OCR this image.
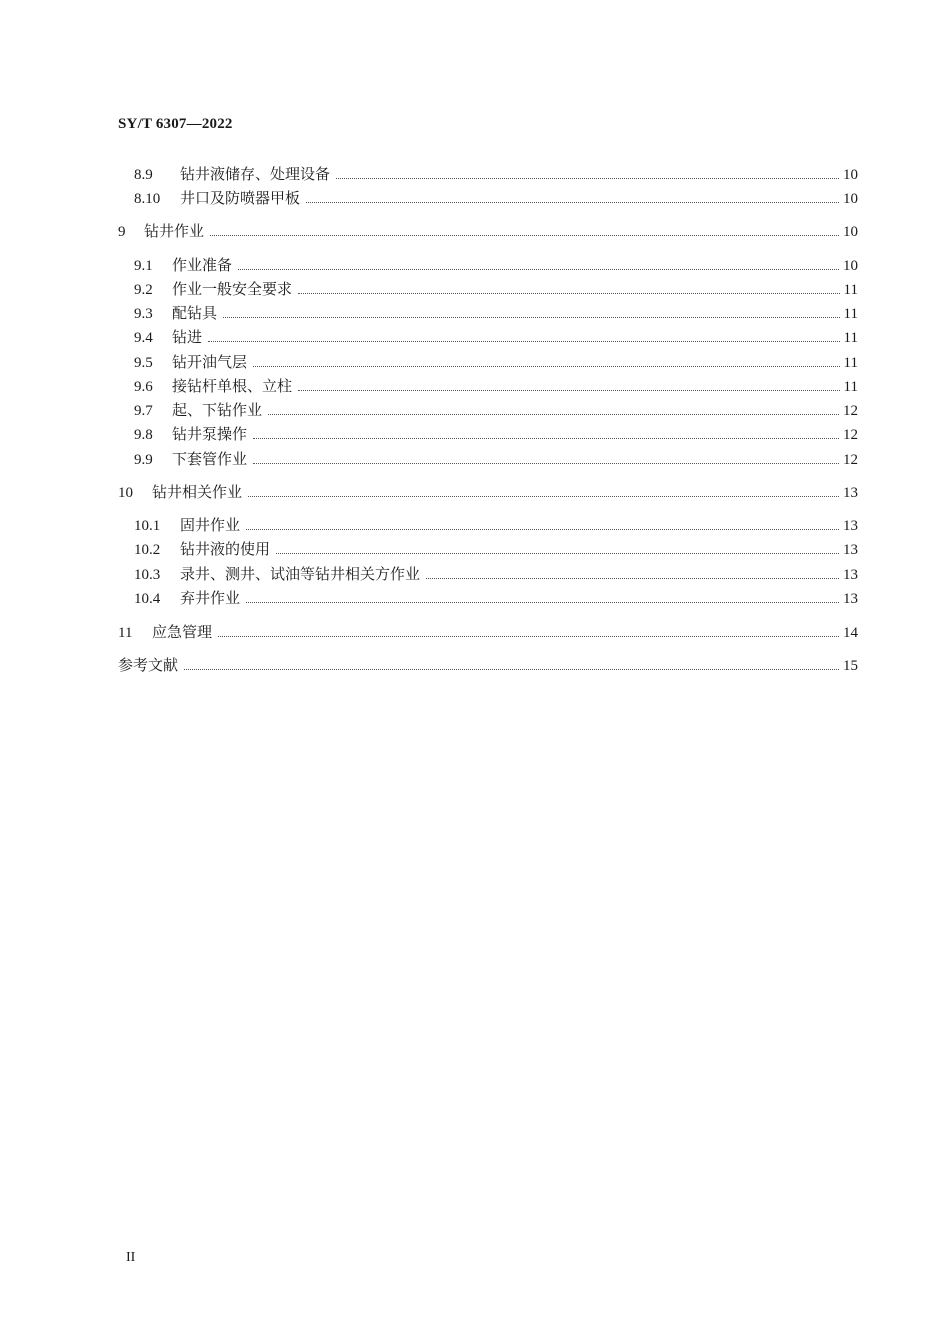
SY/T 6307—2022
8.9	钻井液储存、处理设备	10
8.10	井口及防喷器甲板	10
9	钻井作业	10
9.1	作业准备	10
9.2	作业一般安全要求	11
9.3	配钻具	11
9.4	钻进	11
9.5	钻开油气层	11
9.6	接钻杆单根、立柱	11
9.7	起、下钻作业	12
9.8	钻井泵操作	12
9.9	下套管作业	12
10	钻井相关作业	13
10.1	固井作业	13
10.2	钻井液的使用	13
10.3	录井、测井、试油等钻井相关方作业	13
10.4	弃井作业	13
11	应急管理	14
参考文献	15
II
